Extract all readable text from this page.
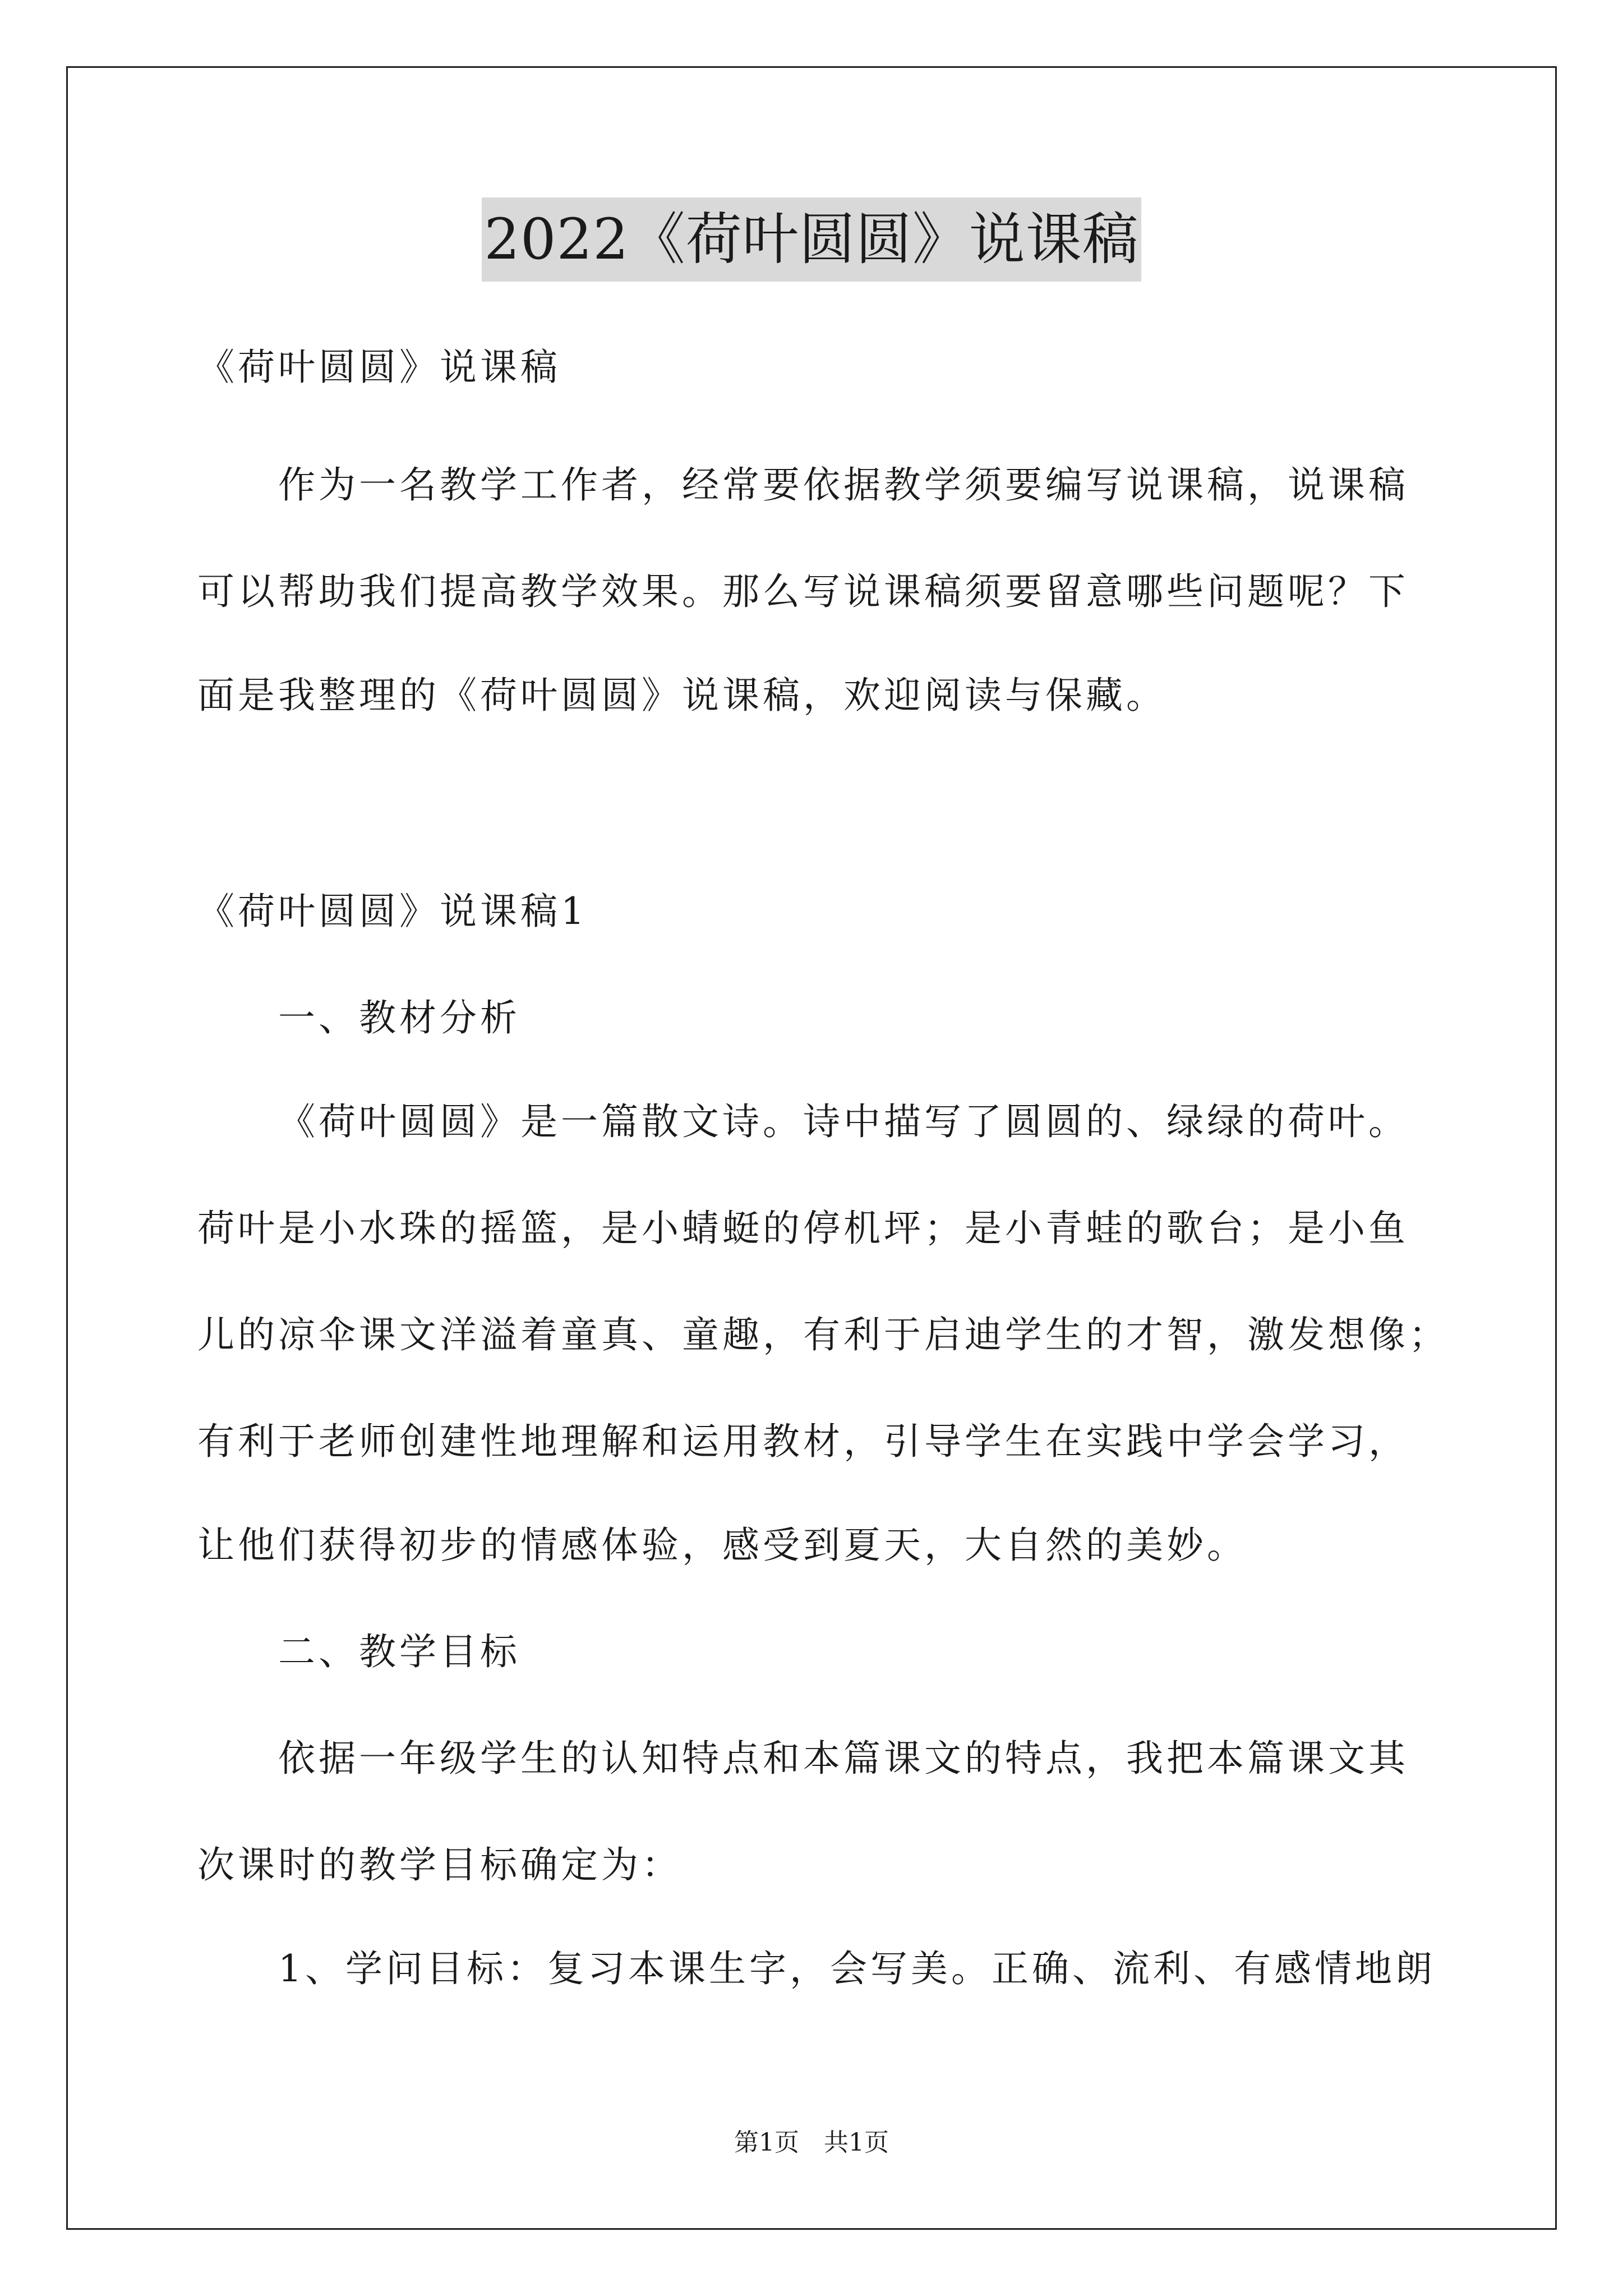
2022《荷叶圆圆》说课稿
《荷叶圆圆》说课稿
作为一名教学工作者，经常要依据教学须要编写说课稿，说课稿
可以帮助我们提高教学效果。那么写说课稿须要留意哪些问题呢？下
面是我整理的《荷叶圆圆》说课稿，欢迎阅读与保藏。
《荷叶圆圆》说课稿1
一、教材分析
《荷叶圆圆》是一篇散文诗。诗中描写了圆圆的、绿绿的荷叶。
荷叶是小水珠的摇篮，是小蜻蜓的停机坪；是小青蛙的歌台；是小鱼
儿的凉伞课文洋溢着童真、童趣，有利于启迪学生的才智，激发想像；
有利于老师创建性地理解和运用教材，引导学生在实践中学会学习，
让他们获得初步的情感体验，感受到夏天，大自然的美妙。
二、教学目标
依据一年级学生的认知特点和本篇课文的特点，我把本篇课文其
次课时的教学目标确定为：
1、学问目标：复习本课生字，会写美。正确、流利、有感情地朗
第1页　共1页
